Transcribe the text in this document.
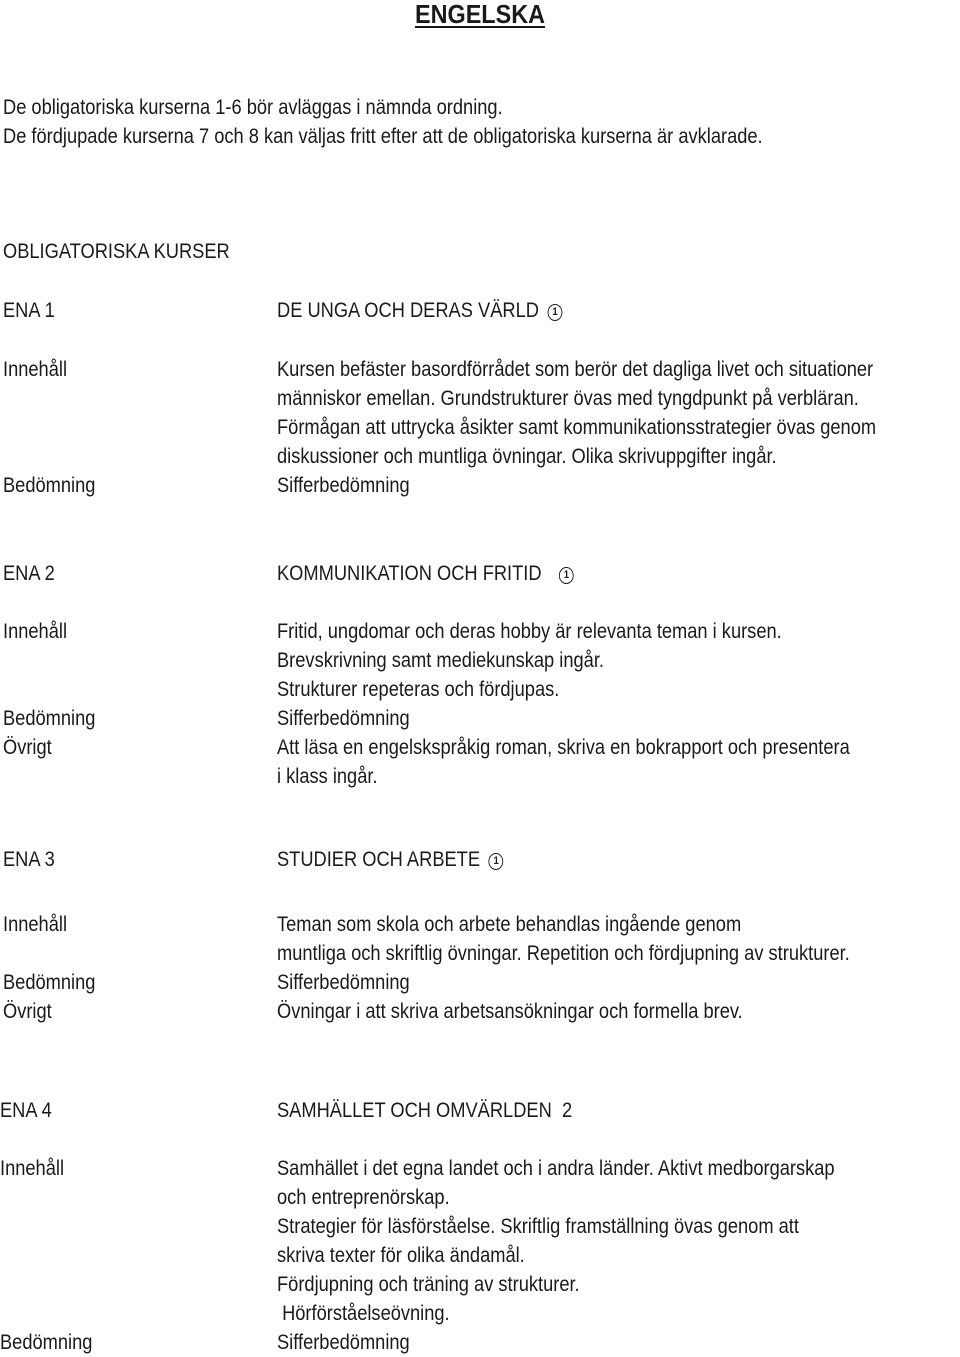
ENGELSKA
De obligatoriska kurserna 1-6 bör avläggas i nämnda ordning.
De fördjupade kurserna 7 och 8 kan väljas fritt efter att de obligatoriska kurserna är avklarade.
OBLIGATORISKA KURSER
ENA 1	DE UNGA OCH DERAS VÄRLD 1
Innehåll	Kursen befäster basordförrådet som berör det dagliga livet och situationer
människor emellan. Grundstrukturer övas med tyngdpunkt på verbläran.
Förmågan att uttrycka åsikter samt kommunikationsstrategier övas genom
diskussioner och muntliga övningar. Olika skrivuppgifter ingår.
Bedömning	Sifferbedömning
ENA 2	KOMMUNIKATION OCH FRITID 1
Innehåll	Fritid, ungdomar och deras hobby är relevanta teman i kursen.
Brevskrivning samt mediekunskap ingår.
Strukturer repeteras och fördjupas.
Bedömning	Sifferbedömning
Övrigt	Att läsa en engelskspråkig roman, skriva en bokrapport och presentera
i klass ingår.
ENA 3	STUDIER OCH ARBETE 1
Innehåll	Teman som skola och arbete behandlas ingående genom
muntliga och skriftlig övningar. Repetition och fördjupning av strukturer.
Bedömning	Sifferbedömning
Övrigt	Övningar i att skriva arbetsansökningar och formella brev.
ENA 4	SAMHÄLLET OCH OMVÄRLDEN 2
Innehåll	Samhället i det egna landet och i andra länder. Aktivt medborgarskap
och entreprenörskap.
Strategier för läsförståelse. Skriftlig framställning övas genom att
skriva texter för olika ändamål.
Fördjupning och träning av strukturer.
Hörförståelseövning.
Bedömning	Sifferbedömning
